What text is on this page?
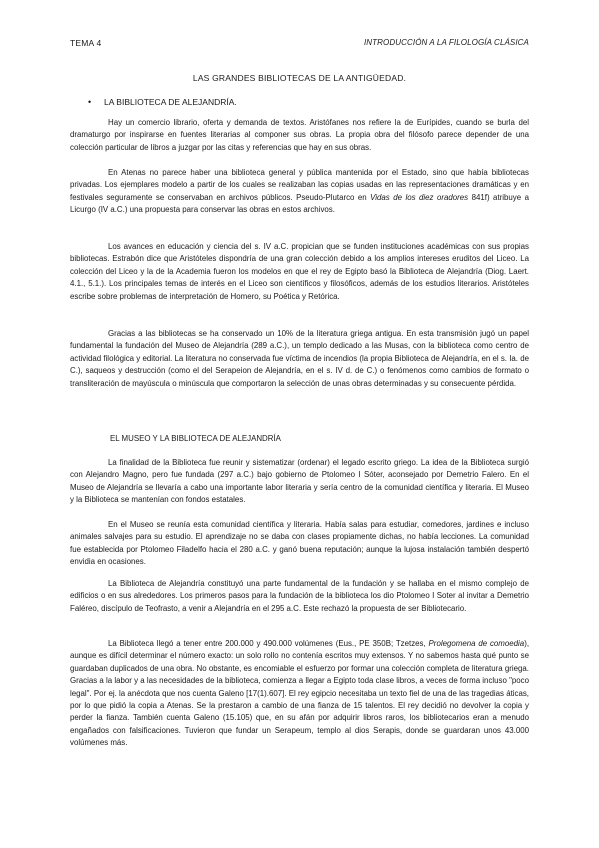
TEMA 4	INTRODUCCIÓN A LA FILOLOGÍA CLÁSICA
LAS GRANDES BIBLIOTECAS DE LA ANTIGÜEDAD.
• LA BIBLIOTECA DE ALEJANDRÍA.

Hay un comercio librario, oferta y demanda de textos. Aristófanes nos refiere la de Eurípides, cuando se burla del dramaturgo por inspirarse en fuentes literarias al componer sus obras. La propia obra del filósofo parece depender de una colección particular de libros a juzgar por las citas y referencias que hay en sus obras.

En Atenas no parece haber una biblioteca general y pública mantenida por el Estado, sino que había bibliotecas privadas. Los ejemplares modelo a partir de los cuales se realizaban las copias usadas en las representaciones dramáticas y en festivales seguramente se conservaban en archivos públicos. Pseudo-Plutarco en Vidas de los diez oradores 841f) atribuye a Licurgo (IV a.C.) una propuesta para conservar las obras en estos archivos.

Los avances en educación y ciencia del s. IV a.C. propician que se funden instituciones académicas con sus propias bibliotecas. Estrabón dice que Aristóteles dispondría de una gran colección debido a los amplios intereses eruditos del Liceo. La colección del Liceo y la de la Academia fueron los modelos en que el rey de Egipto basó la Biblioteca de Alejandría (Diog. Laert. 4.1., 5.1.). Los principales temas de interés en el Liceo son científicos y filosóficos, además de los estudios literarios. Aristóteles escribe sobre problemas de interpretación de Homero, su Poética y Retórica.

Gracias a las bibliotecas se ha conservado un 10% de la literatura griega antigua. En esta transmisión jugó un papel fundamental la fundación del Museo de Alejandría (289 a.C.), un templo dedicado a las Musas, con la biblioteca como centro de actividad filológica y editorial. La literatura no conservada fue víctima de incendios (la propia Biblioteca de Alejandría, en el s. Ia. de C.), saqueos y destrucción (como el del Serapeion de Alejandría, en el s. IV d. de C.) o fenómenos como cambios de formato o transliteración de mayúscula o minúscula que comportaron la selección de unas obras determinadas y su consecuente pérdida.

EL MUSEO Y LA BIBLIOTECA DE ALEJANDRÍA

La finalidad de la Biblioteca fue reunir y sistematizar (ordenar) el legado escrito griego. La idea de la Biblioteca surgió con Alejandro Magno, pero fue fundada (297 a.C.) bajo gobierno de Ptolomeo I Sóter, aconsejado por Demetrio Falero. En el Museo de Alejandría se llevaría a cabo una importante labor literaria y sería centro de la comunidad científica y literaria. El Museo y la Biblioteca se mantenían con fondos estatales.

En el Museo se reunía esta comunidad científica y literaria. Había salas para estudiar, comedores, jardines e incluso animales salvajes para su estudio. El aprendizaje no se daba con clases propiamente dichas, no había lecciones. La comunidad fue establecida por Ptolomeo Filadelfo hacia el 280 a.C. y ganó buena reputación; aunque la lujosa instalación también despertó envidia en ocasiones.

La Biblioteca de Alejandría constituyó una parte fundamental de la fundación y se hallaba en el mismo complejo de edificios o en sus alrededores. Los primeros pasos para la fundación de la biblioteca los dio Ptolomeo I Soter al invitar a Demetrio Faléreo, discípulo de Teofrasto, a venir a Alejandría en el 295 a.C. Este rechazó la propuesta de ser Bibliotecario.

La Biblioteca llegó a tener entre 200.000 y 490.000 volúmenes (Eus., PE 350B; Tzetzes, Prolegomena de comoedia), aunque es difícil determinar el número exacto: un solo rollo no contenía escritos muy extensos. Y no sabemos hasta qué punto se guardaban duplicados de una obra. No obstante, es encomiable el esfuerzo por formar una colección completa de literatura griega. Gracias a la labor y a las necesidades de la biblioteca, comienza a llegar a Egipto toda clase libros, a veces de forma incluso "poco legal". Por ej. la anécdota que nos cuenta Galeno [17(1).607]. El rey egipcio necesitaba un texto fiel de una de las tragedias áticas, por lo que pidió la copia a Atenas. Se la prestaron a cambio de una fianza de 15 talentos. El rey decidió no devolver la copia y perder la fianza. También cuenta Galeno (15.105) que, en su afán por adquirir libros raros, los bibliotecarios eran a menudo engañados con falsificaciones. Tuvieron que fundar un Serapeum, templo al dios Serapis, donde se guardaran unos 43.000 volúmenes más.
